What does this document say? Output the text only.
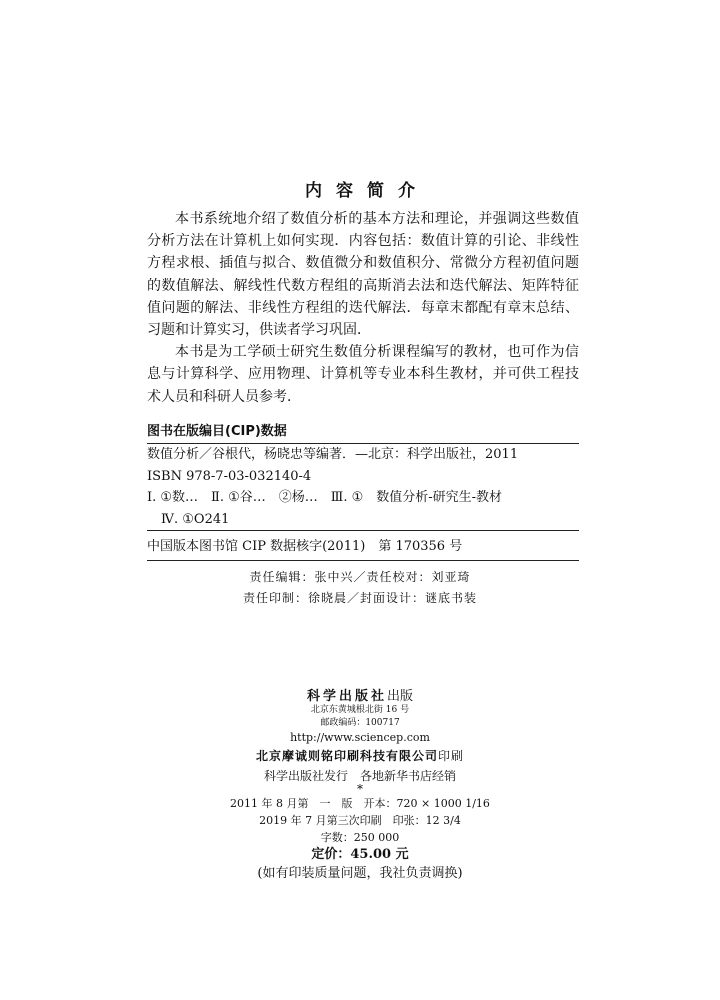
内容简介

本书系统地介绍了数值分析的基本方法和理论，并强调这些数值分析方法在计算机上如何实现．内容包括：数值计算的引论、非线性方程求根、插值与拟合、数值微分和数值积分、常微分方程初值问题的数值解法、解线性代数方程组的高斯消去法和迭代解法、矩阵特征值问题的解法、非线性方程组的迭代解法．每章末都配有章末总结、习题和计算实习，供读者学习巩固．

本书是为工学硕士研究生数值分析课程编写的教材，也可作为信息与计算科学、应用物理、计算机等专业本科生教材，并可供工程技术人员和科研人员参考．

图书在版编目(CIP)数据
数值分析／谷根代，杨晓忠等编著．—北京：科学出版社，2011
ISBN 978-7-03-032140-4
Ⅰ. ①数…　Ⅱ. ①谷…　②杨…　Ⅲ. ①　数值分析-研究生-教材
Ⅳ. ①O241
中国版本图书馆 CIP 数据核字(2011)　第 170356 号
责任编辑：张中兴／责任校对：刘亚琦
责任印制：徐晓晨／封面设计：谜底书装
科学出版社出版
北京东黄城根北街 16 号
邮政编码：100717
http://www.sciencep.com
北京摩诚则铭印刷科技有限公司印刷
科学出版社发行　各地新华书店经销
*
2011 年 8 月第　一　版　开本：720 × 1000 1/16
2019 年 7 月第三次印刷　印张：12 3/4
字数：250 000
定价：45.00 元
(如有印装质量问题，我社负责调换)
